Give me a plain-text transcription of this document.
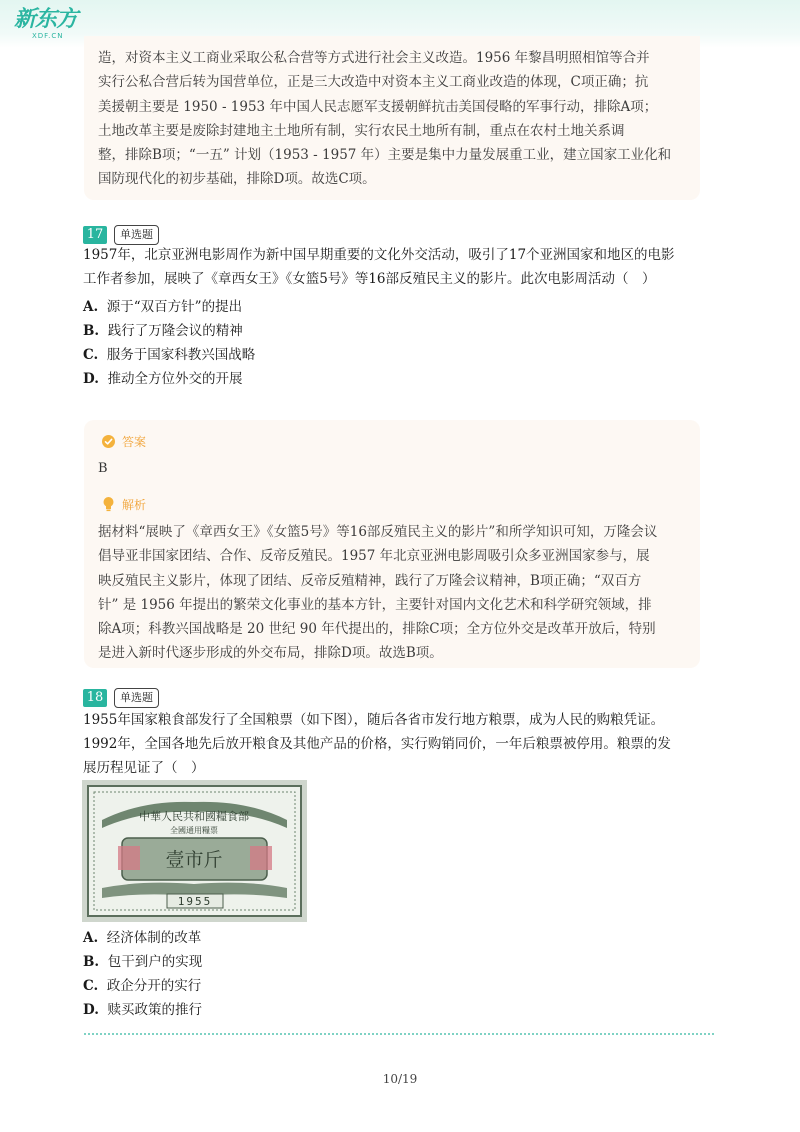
新东方
XDF.CN
造，对资本主义工商业采取公私合营等方式进行社会主义改造。1956 年黎昌明照相馆等合并
实行公私合营后转为国营单位，正是三大改造中对资本主义工商业改造的体现，C项正确；抗
美援朝主要是 1950 - 1953 年中国人民志愿军支援朝鲜抗击美国侵略的军事行动，排除A项；
土地改革主要是废除封建地主土地所有制，实行农民土地所有制，重点在农村土地关系调
整，排除B项；“一五” 计划（1953 - 1957 年）主要是集中力量发展重工业，建立国家工业化和
国防现代化的初步基础，排除D项。故选C项。
17	单选题
1957年，北京亚洲电影周作为新中国早期重要的文化外交活动，吸引了17个亚洲国家和地区的电影
工作者参加，展映了《章西女王》《女篮5号》等16部反殖民主义的影片。此次电影周活动（　）
A. 源于“双百方针”的提出
B. 践行了万隆会议的精神
C. 服务于国家科教兴国战略
D. 推动全方位外交的开展
答案
B
解析
据材料“展映了《章西女王》《女篮5号》等16部反殖民主义的影片”和所学知识可知，万隆会议
倡导亚非国家团结、合作、反帝反殖民。1957 年北京亚洲电影周吸引众多亚洲国家参与，展
映反殖民主义影片，体现了团结、反帝反殖精神，践行了万隆会议精神，B项正确；“双百方
针” 是 1956 年提出的繁荣文化事业的基本方针，主要针对国内文化艺术和科学研究领域，排
除A项；科教兴国战略是 20 世纪 90 年代提出的，排除C项；全方位外交是改革开放后，特别
是进入新时代逐步形成的外交布局，排除D项。故选B项。
18	单选题
1955年国家粮食部发行了全国粮票（如下图），随后各省市发行地方粮票，成为人民的购粮凭证。
1992年，全国各地先后放开粮食及其他产品的价格，实行购销同价，一年后粮票被停用。粮票的发
展历程见证了（　）
壹市斤
中華人民共和國糧食部
全國通用糧票
1955
A. 经济体制的改革
B. 包干到户的实现
C. 政企分开的实行
D. 赎买政策的推行
10/19
